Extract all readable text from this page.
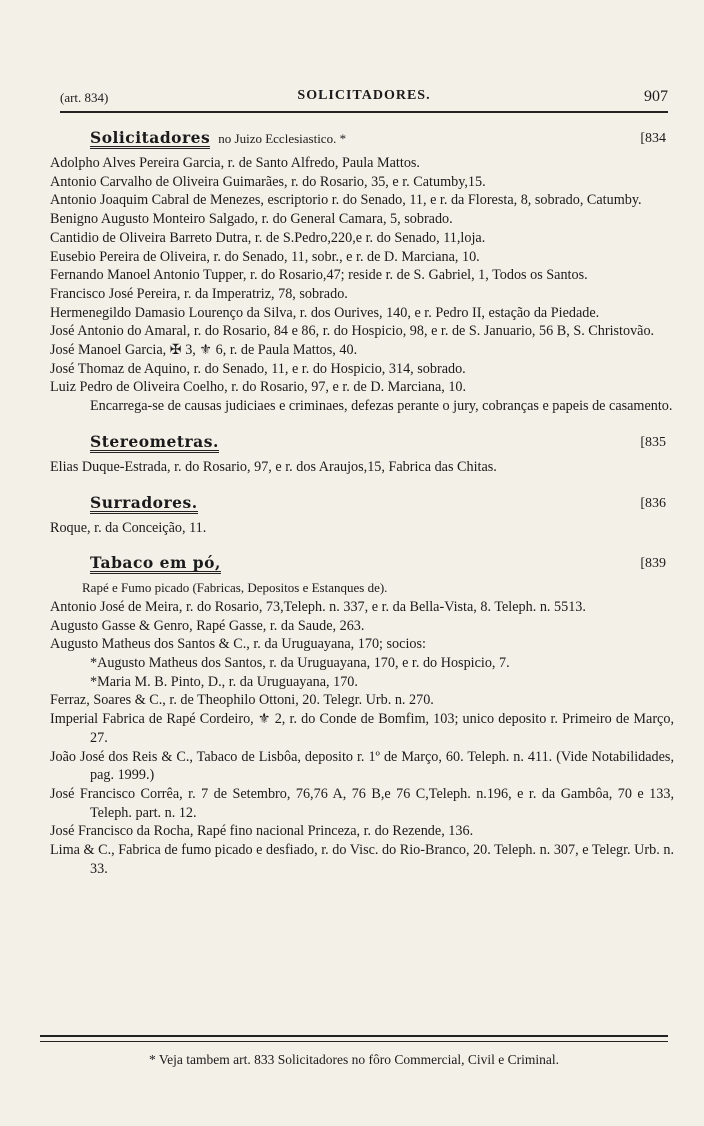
(art. 834)	SOLICITADORES.	907
Solicitadores no Juizo Ecclesiastico. *	[834
Adolpho Alves Pereira Garcia, r. de Santo Alfredo, Paula Mattos.
Antonio Carvalho de Oliveira Guimarães, r. do Rosario, 35, e r. Catumby,15.
Antonio Joaquim Cabral de Menezes, escriptorio r. do Senado, 11, e r. da Floresta, 8, sobrado, Catumby.
Benigno Augusto Monteiro Salgado, r. do General Camara, 5, sobrado.
Cantidio de Oliveira Barreto Dutra, r. de S.Pedro,220,e r. do Senado, 11,loja.
Eusebio Pereira de Oliveira, r. do Senado, 11, sobr., e r. de D. Marciana, 10.
Fernando Manoel Antonio Tupper, r. do Rosario,47; reside r. de S. Gabriel, 1, Todos os Santos.
Francisco José Pereira, r. da Imperatriz, 78, sobrado.
Hermenegildo Damasio Lourenço da Silva, r. dos Ourives, 140, e r. Pedro II, estação da Piedade.
José Antonio do Amaral, r. do Rosario, 84 e 86, r. do Hospicio, 98, e r. de S. Januario, 56 B, S. Christovão.
José Manoel Garcia, ✠ 3, ⚜ 6, r. de Paula Mattos, 40.
José Thomaz de Aquino, r. do Senado, 11, e r. do Hospicio, 314, sobrado.
Luiz Pedro de Oliveira Coelho, r. do Rosario, 97, e r. de D. Marciana, 10.
Encarrega-se de causas judiciaes e criminaes, defezas perante o jury, cobranças e papeis de casamento.
Stereometras.	[835
Elias Duque-Estrada, r. do Rosario, 97, e r. dos Araujos,15, Fabrica das Chitas.
Surradores.	[836
Roque, r. da Conceição, 11.
Tabaco em pó,	[839
Rapé e Fumo picado (Fabricas, Depositos e Estanques de).
Antonio José de Meira, r. do Rosario, 73,Teleph. n. 337, e r. da Bella-Vista, 8. Teleph. n. 5513.
Augusto Gasse & Genro, Rapé Gasse, r. da Saude, 263.
Augusto Matheus dos Santos & C., r. da Uruguayana, 170; socios:
*Augusto Matheus dos Santos, r. da Uruguayana, 170, e r. do Hospicio, 7.
*Maria M. B. Pinto, D., r. da Uruguayana, 170.
Ferraz, Soares & C., r. de Theophilo Ottoni, 20. Telegr. Urb. n. 270.
Imperial Fabrica de Rapé Cordeiro, ⚜ 2, r. do Conde de Bomfim, 103; unico deposito r. Primeiro de Março, 27.
João José dos Reis & C., Tabaco de Lisbôa, deposito r. 1º de Março, 60. Teleph. n. 411. (Vide Notabilidades, pag. 1999.)
José Francisco Corrêa, r. 7 de Setembro, 76,76 A, 76 B,e 76 C,Teleph. n.196, e r. da Gambôa, 70 e 133, Teleph. part. n. 12.
José Francisco da Rocha, Rapé fino nacional Princeza, r. do Rezende, 136.
Lima & C., Fabrica de fumo picado e desfiado, r. do Visc. do Rio-Branco, 20. Teleph. n. 307, e Telegr. Urb. n. 33.
* Veja tambem art. 833 Solicitadores no fôro Commercial, Civil e Criminal.
